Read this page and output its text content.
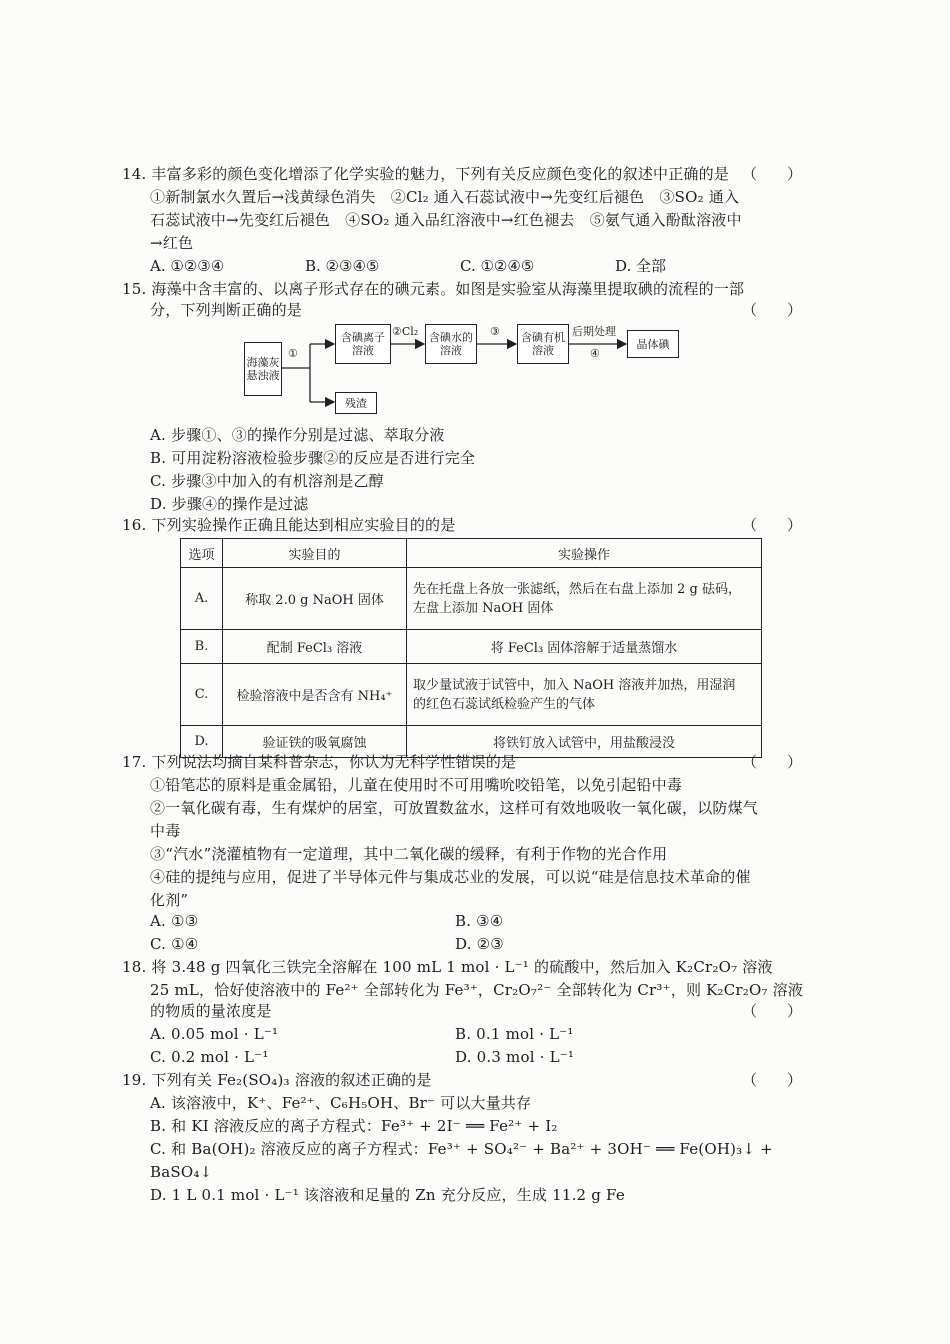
14. 丰富多彩的颜色变化增添了化学实验的魅力，下列有关反应颜色变化的叙述中正确的是 （　　）
①新制氯水久置后→浅黄绿色消失　②Cl₂ 通入石蕊试液中→先变红后褪色　③SO₂ 通入
石蕊试液中→先变红后褪色　④SO₂ 通入品红溶液中→红色褪去　⑤氨气通入酚酞溶液中
→红色
A. ①②③④	B. ②③④⑤	C. ①②④⑤	D. 全部
15. 海藻中含丰富的、以离子形式存在的碘元素。如图是实验室从海藻里提取碘的流程的一部
分，下列判断正确的是	（　　）
海藻灰悬浊液
①
含碘离子溶液
残渣
②Cl₂ 含碘水的溶液
③	含碘有机溶液
后期处理
④
晶体碘
A. 步骤①、③的操作分别是过滤、萃取分液
B. 可用淀粉溶液检验步骤②的反应是否进行完全
C. 步骤③中加入的有机溶剂是乙醇
D. 步骤④的操作是过滤
16. 下列实验操作正确且能达到相应实验目的的是	（　　）
选项	实验目的	实验操作
A.	称取 2.0 g NaOH 固体	先在托盘上各放一张滤纸，然后在右盘上添加 2 g 砝码，
左盘上添加 NaOH 固体

B.	配制 FeCl₃ 溶液	将 FeCl₃ 固体溶解于适量蒸馏水
C.	检验溶液中是否含有 NH₄⁺	取少量试液于试管中，加入 NaOH 溶液并加热，用湿润
的红色石蕊试纸检验产生的气体

D.	验证铁的吸氧腐蚀	将铁钉放入试管中，用盐酸浸没
17. 下列说法均摘自某科普杂志，你认为无科学性错误的是	（　　）
①铅笔芯的原料是重金属铅，儿童在使用时不可用嘴吮咬铅笔，以免引起铅中毒
②一氧化碳有毒，生有煤炉的居室，可放置数盆水，这样可有效地吸收一氧化碳，以防煤气
中毒
③“汽水”浇灌植物有一定道理，其中二氧化碳的缓释，有利于作物的光合作用
④硅的提纯与应用，促进了半导体元件与集成芯业的发展，可以说“硅是信息技术革命的催
化剂”
A. ①③	B. ③④
C. ①④	D. ②③
18. 将 3.48 g 四氧化三铁完全溶解在 100 mL 1 mol · L⁻¹ 的硫酸中，然后加入 K₂Cr₂O₇ 溶液
25 mL，恰好使溶液中的 Fe²⁺ 全部转化为 Fe³⁺，Cr₂O₇²⁻ 全部转化为 Cr³⁺，则 K₂Cr₂O₇ 溶液
的物质的量浓度是	（　　）
A. 0.05 mol · L⁻¹	B. 0.1 mol · L⁻¹
C. 0.2 mol · L⁻¹	D. 0.3 mol · L⁻¹
19. 下列有关 Fe₂(SO₄)₃ 溶液的叙述正确的是	（　　）
A. 该溶液中，K⁺、Fe²⁺、C₆H₅OH、Br⁻ 可以大量共存
B. 和 KI 溶液反应的离子方程式：Fe³⁺ + 2I⁻ ══ Fe²⁺ + I₂
C. 和 Ba(OH)₂ 溶液反应的离子方程式：Fe³⁺ + SO₄²⁻ + Ba²⁺ + 3OH⁻ ══ Fe(OH)₃↓ +
BaSO₄↓
D. 1 L 0.1 mol · L⁻¹ 该溶液和足量的 Zn 充分反应，生成 11.2 g Fe
